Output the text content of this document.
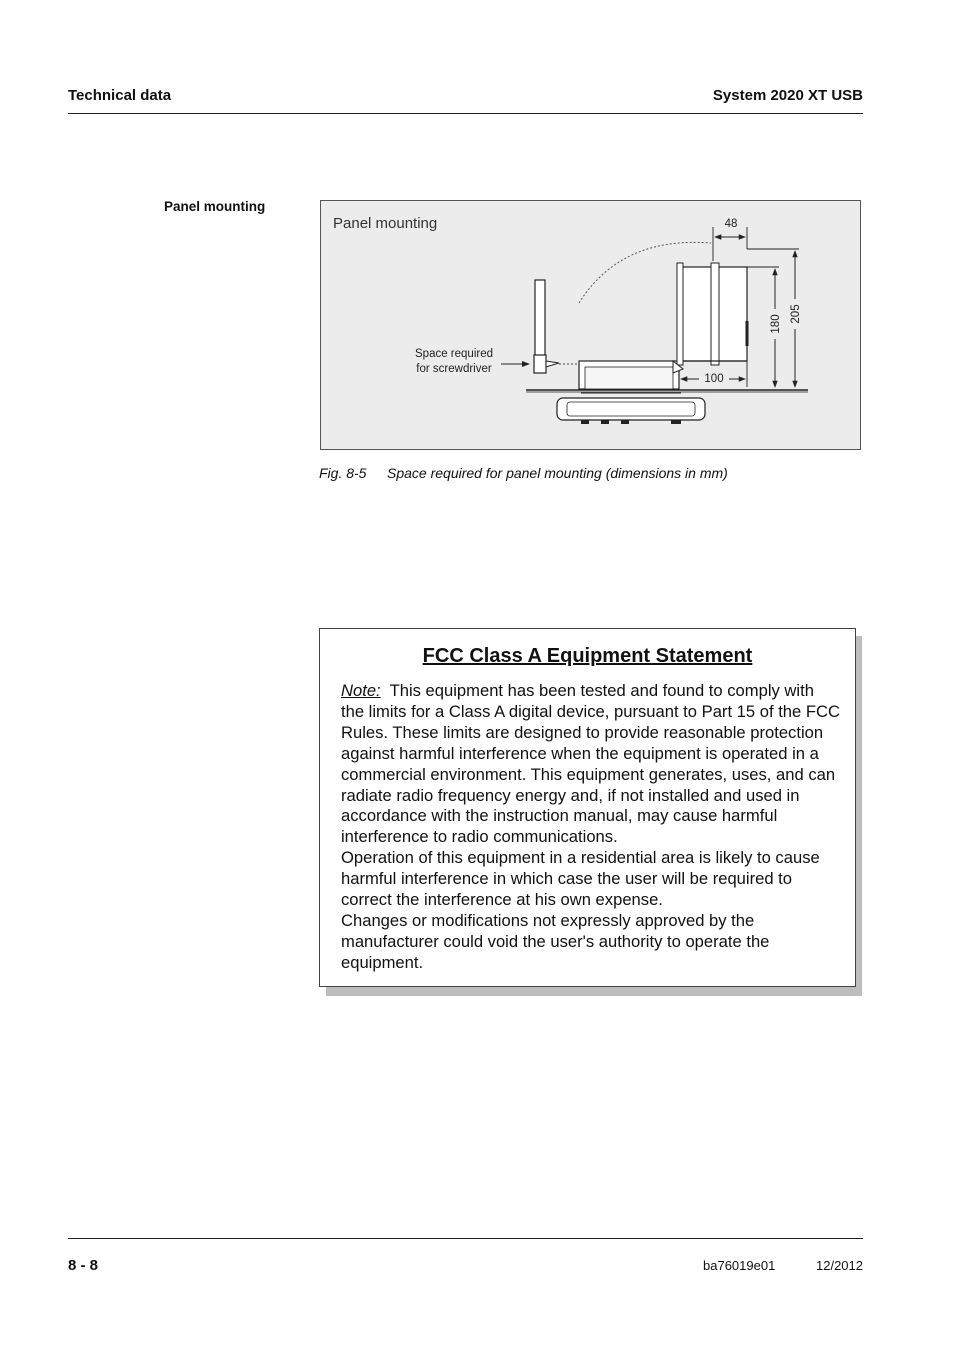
Technical data	System 2020 XT USB
Panel mounting
Panel mounting
Space required
for screwdriver
48
205
180
100
Fig. 8-5 Space required for panel mounting (dimensions in mm)
FCC Class A Equipment Statement

Note: This equipment has been tested and found to comply with the limits for a Class A digital device, pursuant to Part 15 of the FCC Rules. These limits are designed to provide reasonable protection against harmful interference when the equipment is operated in a commercial environment. This equipment generates, uses, and can radiate radio frequency energy and, if not installed and used in accordance with the instruction manual, may cause harmful interference to radio communications.

Operation of this equipment in a residential area is likely to cause harmful interference in which case the user will be required to correct the interference at his own expense.

Changes or modifications not expressly approved by the manufacturer could void the user's authority to operate the equipment.

8 - 8	ba76019e01	12/2012
